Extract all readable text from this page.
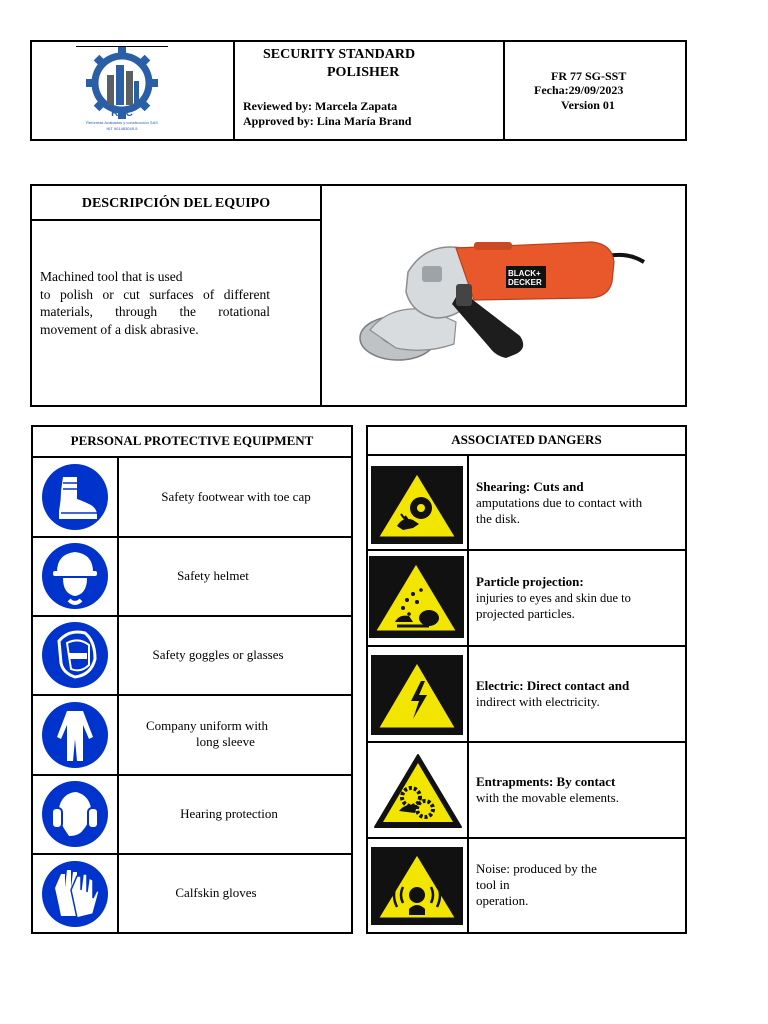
RAC
Reformas Acabados y construcción SAS
NIT 901483045-5
SECURITY STANDARD
POLISHER
Reviewed by: Marcela Zapata
Approved by: Lina María Brand
FR 77 SG-SST
Fecha:29/09/2023
Version 01
DESCRIPCIÓN DEL EQUIPO
Machined tool that is used
to polish or cut surfaces of different materials, through the rotational movement of a disk abrasive.
BLACK+
DECKER
PERSONAL PROTECTIVE EQUIPMENT
Safety footwear with toe cap
Safety helmet
Safety goggles or glasses
Company uniform with
long sleeve
Hearing protection
Calfskin gloves
ASSOCIATED DANGERS
Shearing: Cuts and
amputations due to contact with
the disk.
Particle projection:
injuries to eyes and skin due to
projected particles.
Electric: Direct contact and
indirect with electricity.
Entrapments: By contact
with the movable elements.
Noise: produced by the
tool in
operation.
